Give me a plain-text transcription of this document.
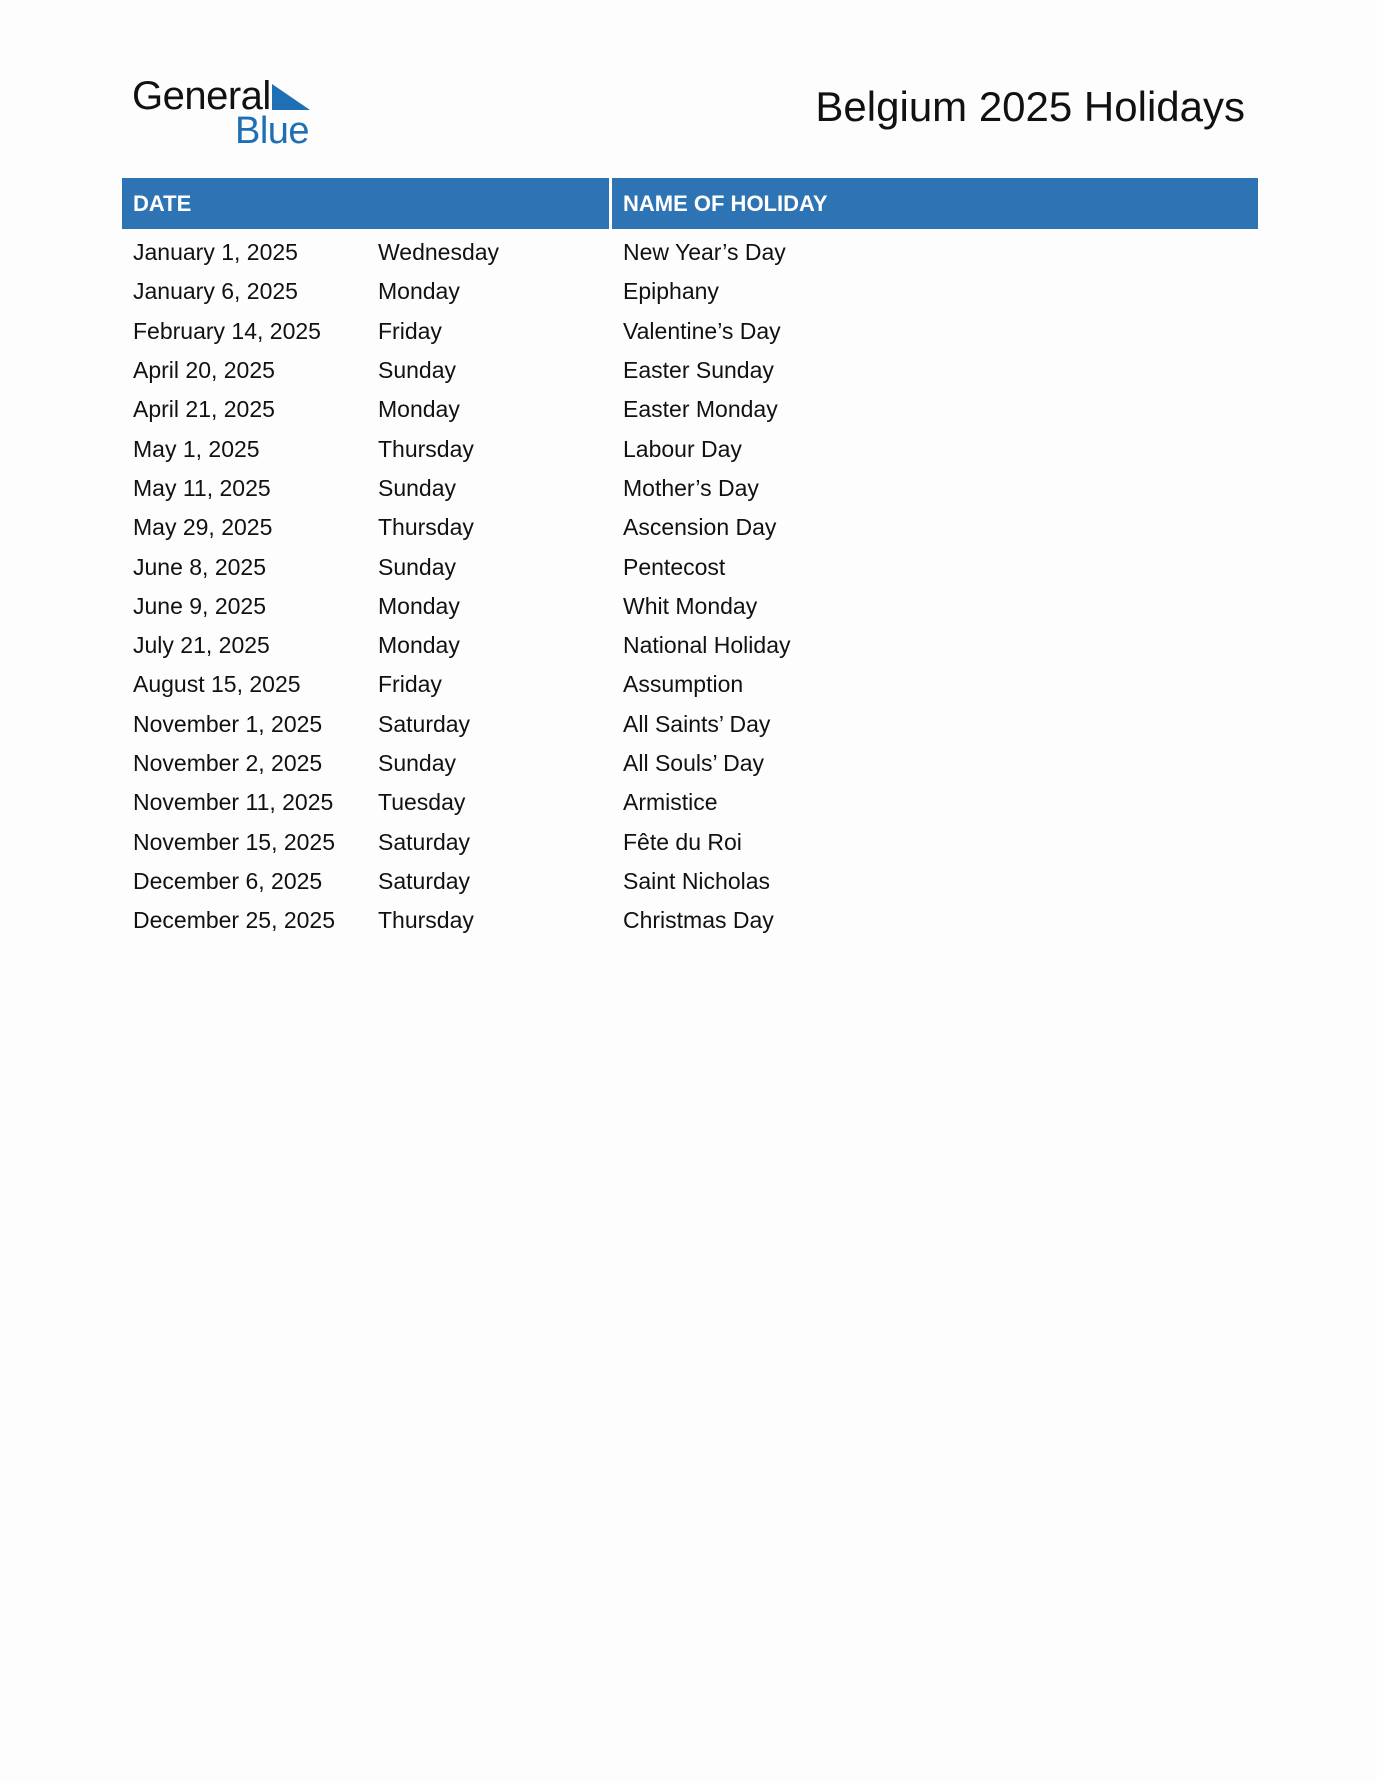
General
Blue
Belgium 2025 Holidays
DATE	NAME OF HOLIDAY
January 1, 2025	Wednesday	New Year’s Day
January 6, 2025	Monday	Epiphany
February 14, 2025	Friday	Valentine’s Day
April 20, 2025	Sunday	Easter Sunday
April 21, 2025	Monday	Easter Monday
May 1, 2025	Thursday	Labour Day
May 11, 2025	Sunday	Mother’s Day
May 29, 2025	Thursday	Ascension Day
June 8, 2025	Sunday	Pentecost
June 9, 2025	Monday	Whit Monday
July 21, 2025	Monday	National Holiday
August 15, 2025	Friday	Assumption
November 1, 2025	Saturday	All Saints’ Day
November 2, 2025	Sunday	All Souls’ Day
November 11, 2025	Tuesday	Armistice
November 15, 2025	Saturday	Fête du Roi
December 6, 2025	Saturday	Saint Nicholas
December 25, 2025	Thursday	Christmas Day
